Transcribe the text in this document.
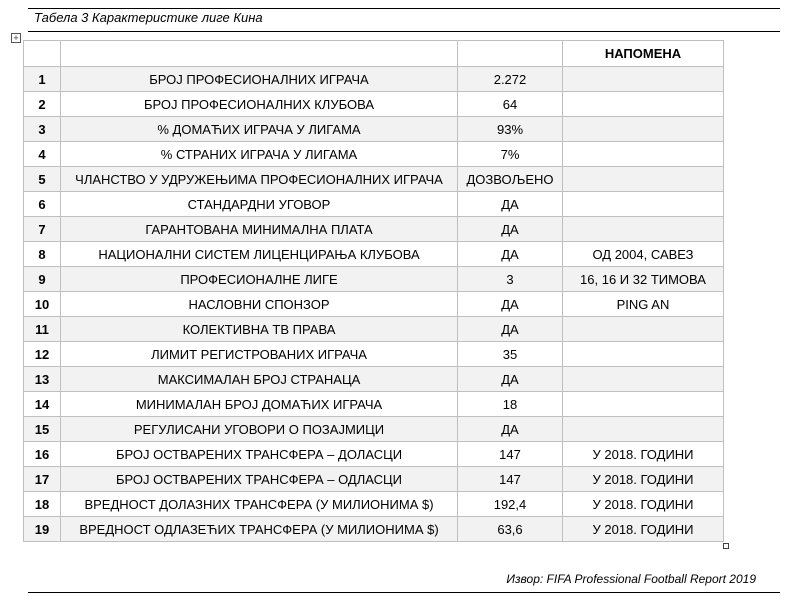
Табела 3 Карактеристике лиге Кина
+
			НАПОМЕНА
1	БРОЈ ПРОФЕСИОНАЛНИХ ИГРАЧА	2.272	
2	БРОЈ ПРОФЕСИОНАЛНИХ КЛУБОВА	64	
3	% ДОМАЋИХ ИГРАЧА У ЛИГАМА	93%	
4	% СТРАНИХ ИГРАЧА У ЛИГАМА	7%	
5	ЧЛАНСТВО У УДРУЖЕЊИМА ПРОФЕСИОНАЛНИХ ИГРАЧА	ДОЗВОЉЕНО	
6	СТАНДАРДНИ УГОВОР	ДА	
7	ГАРАНТОВАНА МИНИМАЛНА ПЛАТА	ДА	
8	НАЦИОНАЛНИ СИСТЕМ ЛИЦЕНЦИРАЊА КЛУБОВА	ДА	ОД 2004, САВЕЗ
9	ПРОФЕСИОНАЛНЕ ЛИГЕ	3	16, 16 И 32 ТИМОВА
10	НАСЛОВНИ СПОНЗОР	ДА	PING AN
11	КОЛЕКТИВНА ТВ ПРАВА	ДА	
12	ЛИМИТ РЕГИСТРОВАНИХ ИГРАЧА	35	
13	МАКСИМАЛАН БРОЈ СТРАНАЦА	ДА	
14	МИНИМАЛАН БРОЈ ДОМАЋИХ ИГРАЧА	18	
15	РЕГУЛИСАНИ УГОВОРИ О ПОЗАЈМИЦИ	ДА	
16	БРОЈ ОСТВАРЕНИХ ТРАНСФЕРА – ДОЛАСЦИ	147	У 2018. ГОДИНИ
17	БРОЈ ОСТВАРЕНИХ ТРАНСФЕРА – ОДЛАСЦИ	147	У 2018. ГОДИНИ
18	ВРЕДНОСТ ДОЛАЗНИХ ТРАНСФЕРА (У МИЛИОНИМА $)	192,4	У 2018. ГОДИНИ
19	ВРЕДНОСТ ОДЛАЗЕЋИХ ТРАНСФЕРА (У МИЛИОНИМА $)	63,6	У 2018. ГОДИНИ
Извор: FIFA Professional Football Report 2019
